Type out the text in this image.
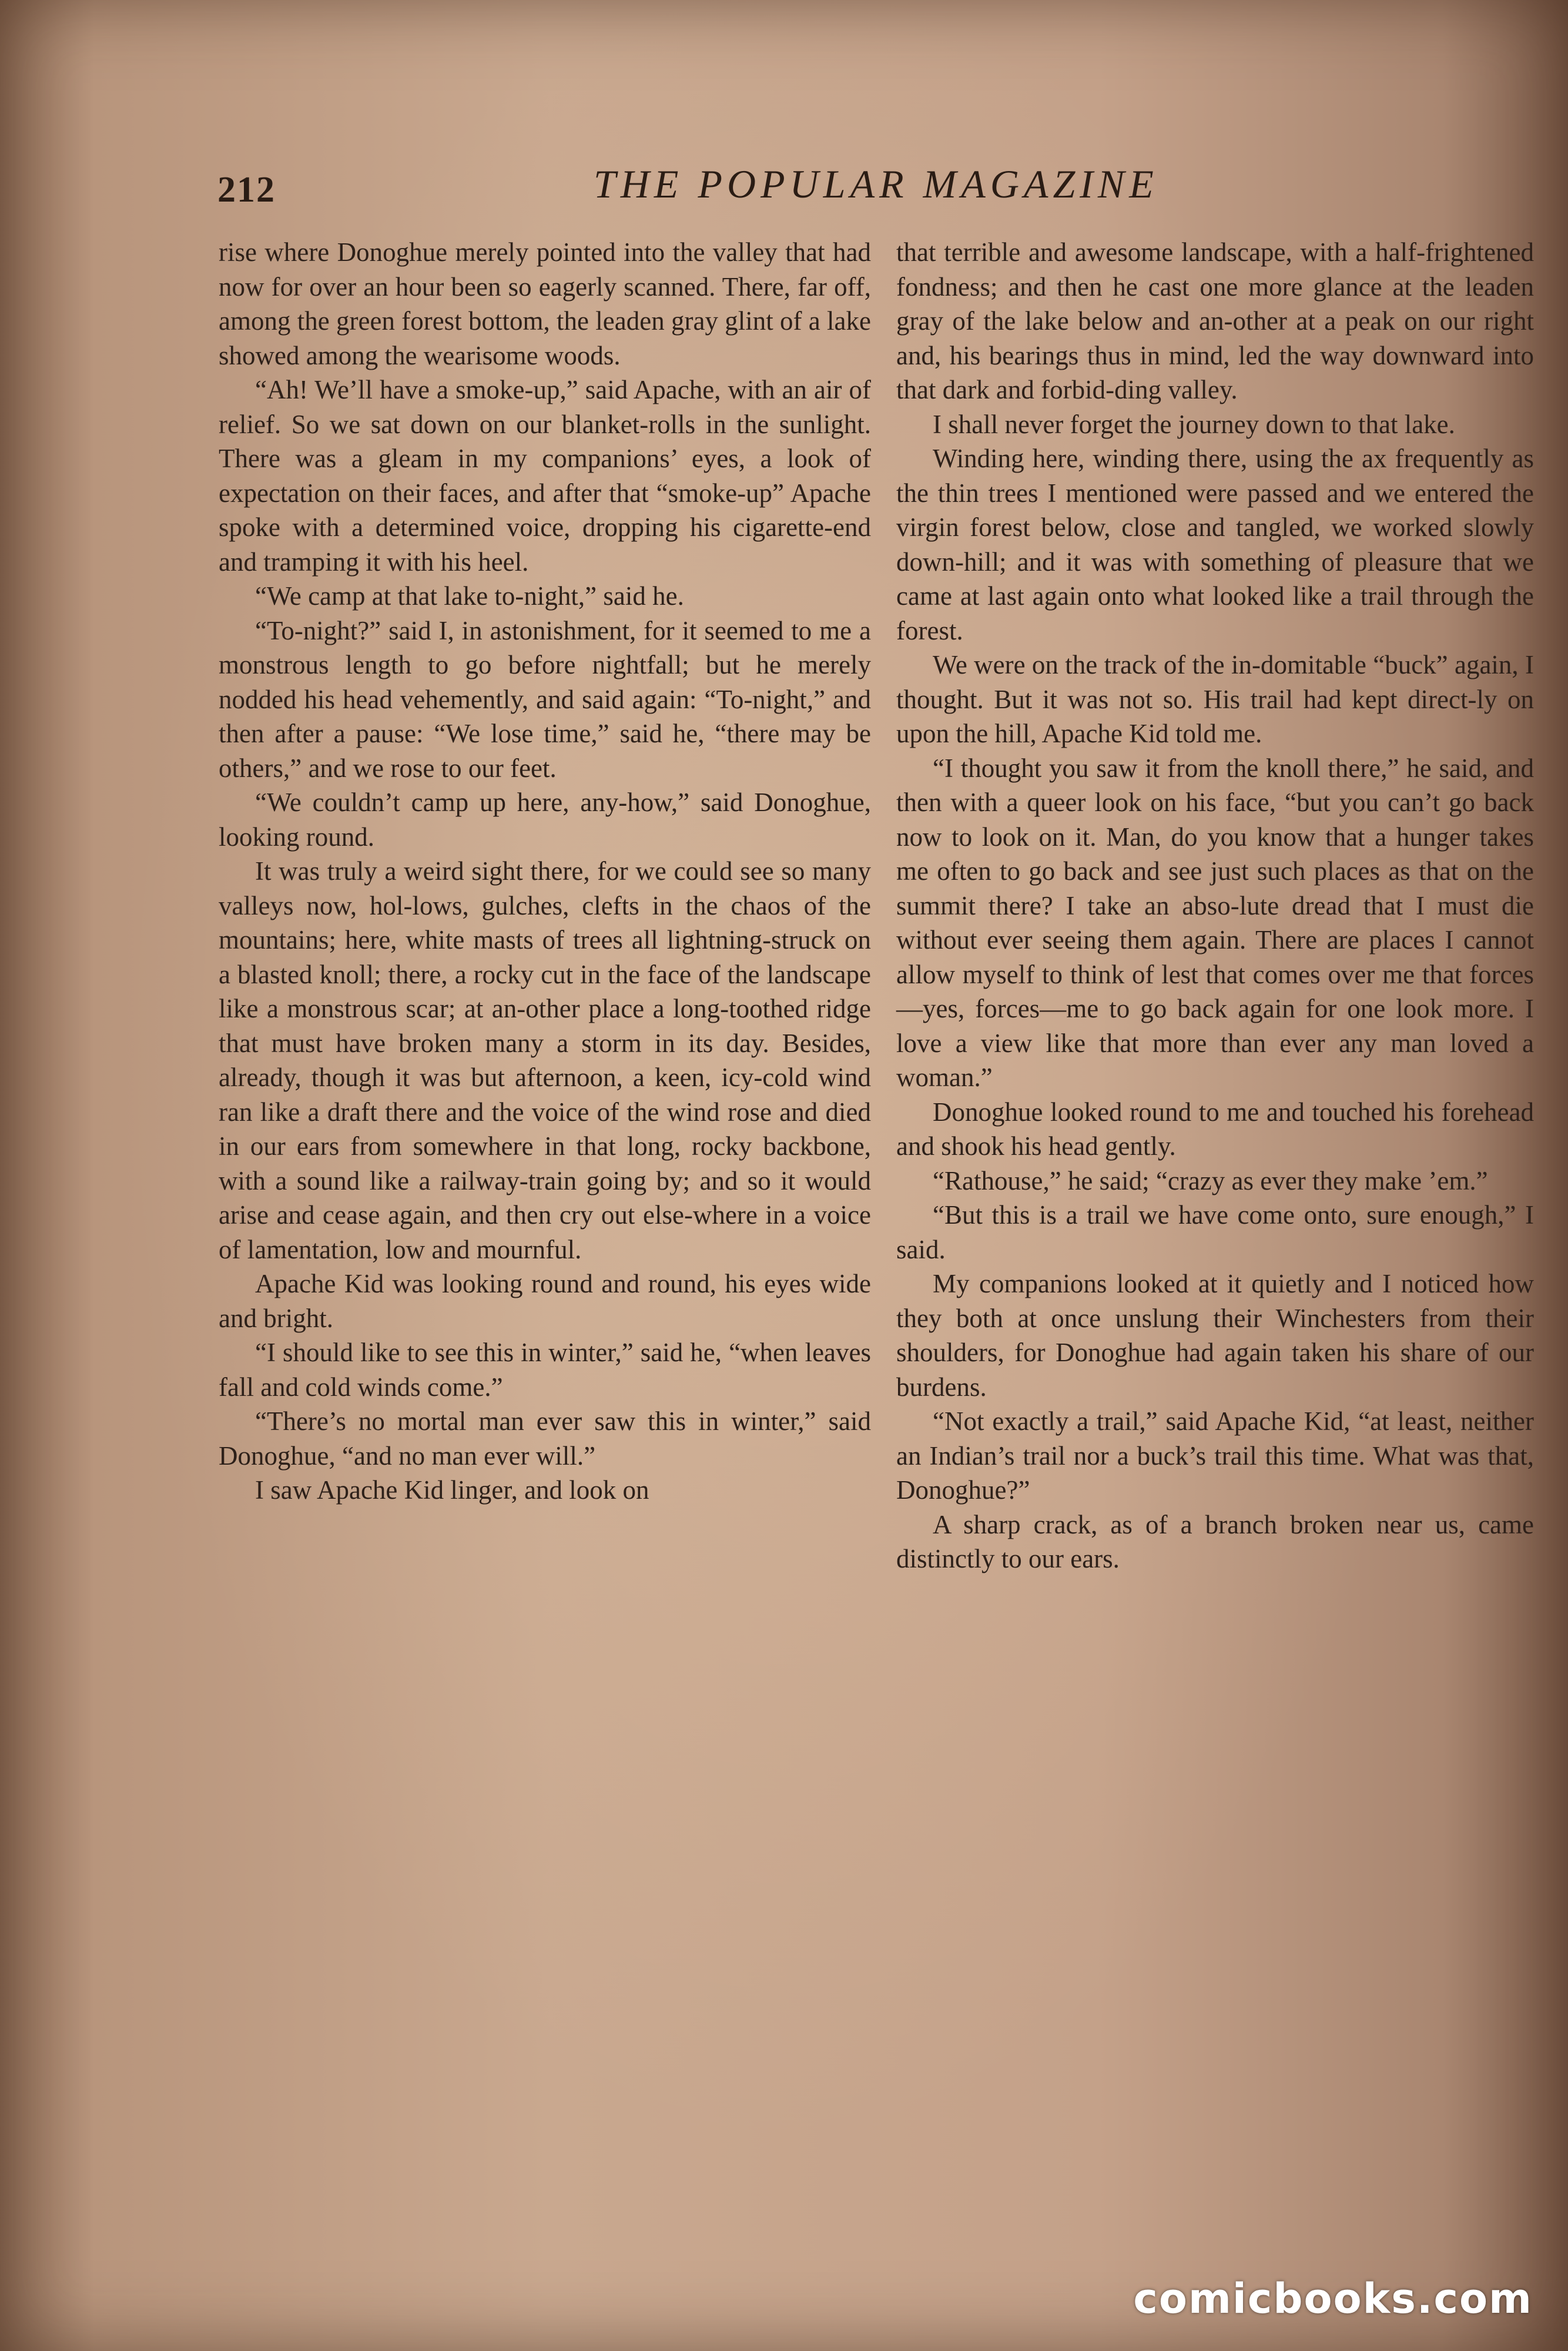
212	THE POPULAR MAGAZINE

rise where Donoghue merely pointed into the valley that had now for over an hour been so eagerly scanned. There, far off, among the green forest bottom, the leaden gray glint of a lake showed among the wearisome woods.

“Ah! We’ll have a smoke-up,” said Apache, with an air of relief. So we sat down on our blanket-rolls in the sunlight. There was a gleam in my companions’ eyes, a look of expectation on their faces, and after that “smoke-up” Apache spoke with a determined voice, dropping his cigarette-end and tramping it with his heel.

“We camp at that lake to-night,” said he.

“To-night?” said I, in astonishment, for it seemed to me a monstrous length to go before nightfall; but he merely nodded his head vehemently, and said again: “To-night,” and then after a pause: “We lose time,” said he, “there may be others,” and we rose to our feet.

“We couldn’t camp up here, any-how,” said Donoghue, looking round.

It was truly a weird sight there, for we could see so many valleys now, hol-lows, gulches, clefts in the chaos of the mountains; here, white masts of trees all lightning-struck on a blasted knoll; there, a rocky cut in the face of the landscape like a monstrous scar; at an-other place a long-toothed ridge that must have broken many a storm in its day. Besides, already, though it was but afternoon, a keen, icy-cold wind ran like a draft there and the voice of the wind rose and died in our ears from somewhere in that long, rocky backbone, with a sound like a railway-train going by; and so it would arise and cease again, and then cry out else-where in a voice of lamentation, low and mournful.

Apache Kid was looking round and round, his eyes wide and bright.

“I should like to see this in winter,” said he, “when leaves fall and cold winds come.”

“There’s no mortal man ever saw this in winter,” said Donoghue, “and no man ever will.”

I saw Apache Kid linger, and look on

that terrible and awesome landscape, with a half-frightened fondness; and then he cast one more glance at the leaden gray of the lake below and an-other at a peak on our right and, his bearings thus in mind, led the way downward into that dark and forbid-ding valley.

I shall never forget the journey down to that lake.

Winding here, winding there, using the ax frequently as the thin trees I mentioned were passed and we entered the virgin forest below, close and tangled, we worked slowly down-hill; and it was with something of pleasure that we came at last again onto what looked like a trail through the forest.

We were on the track of the in-domitable “buck” again, I thought. But it was not so. His trail had kept direct-ly on upon the hill, Apache Kid told me.

“I thought you saw it from the knoll there,” he said, and then with a queer look on his face, “but you can’t go back now to look on it. Man, do you know that a hunger takes me often to go back and see just such places as that on the summit there? I take an abso-lute dread that I must die without ever seeing them again. There are places I cannot allow myself to think of lest that comes over me that forces—yes, forces—me to go back again for one look more. I love a view like that more than ever any man loved a woman.”

Donoghue looked round to me and touched his forehead and shook his head gently.

“Rathouse,” he said; “crazy as ever they make ’em.”

“But this is a trail we have come onto, sure enough,” I said.

My companions looked at it quietly and I noticed how they both at once unslung their Winchesters from their shoulders, for Donoghue had again taken his share of our burdens.

“Not exactly a trail,” said Apache Kid, “at least, neither an Indian’s trail nor a buck’s trail this time. What was that, Donoghue?”

A sharp crack, as of a branch broken near us, came distinctly to our ears.

comicbooks.com
